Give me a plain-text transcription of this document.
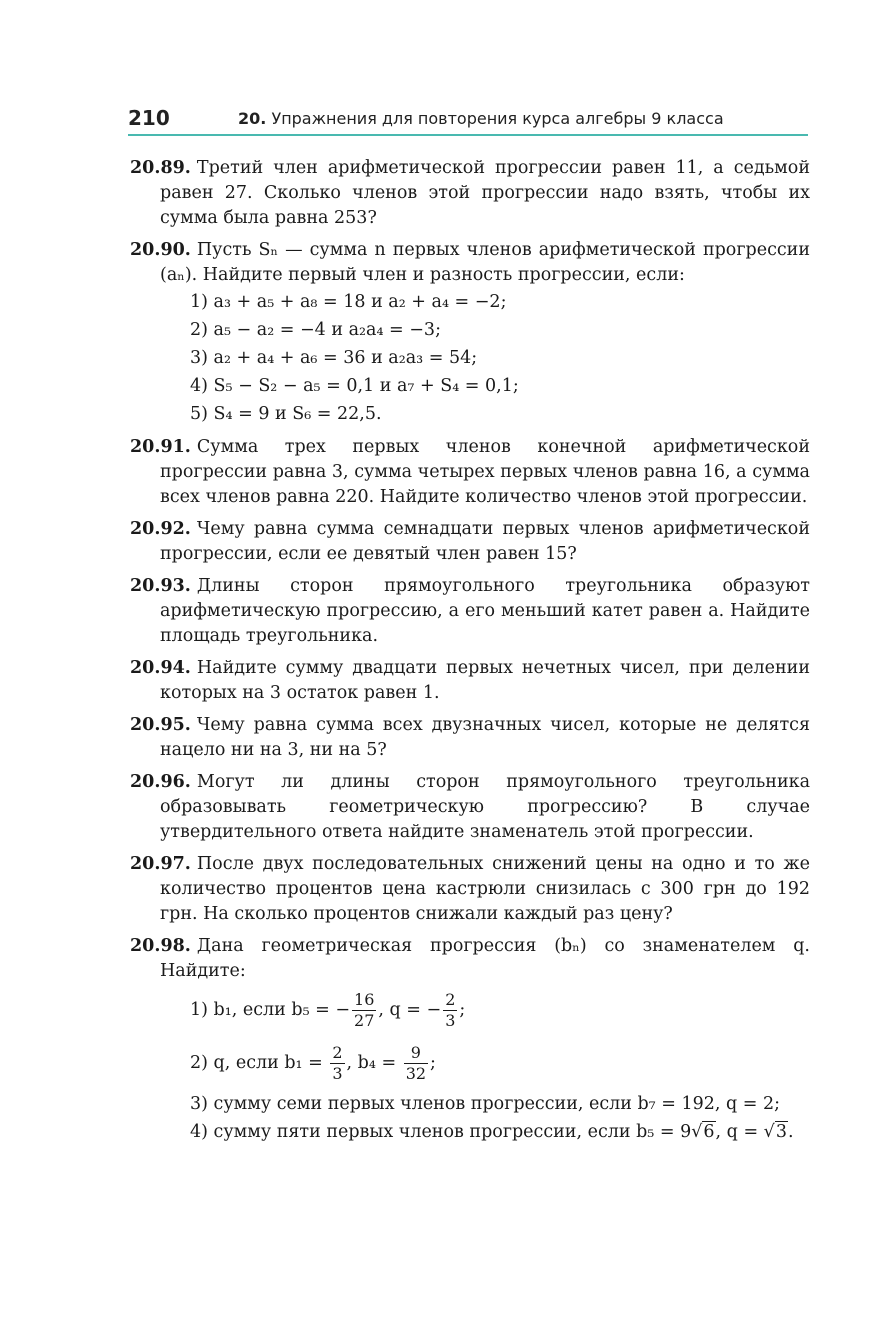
210	20. Упражнения для повторения курса алгебры 9 класса
20.89. Третий член арифметической прогрессии равен 11, а седьмой равен 27. Сколько членов этой прогрессии надо взять, чтобы их сумма была равна 253?
20.90. Пусть Sₙ — сумма n первых членов арифметической прогрессии (aₙ). Найдите первый член и разность прогрессии, если:
1) a₃ + a₅ + a₈ = 18 и a₂ + a₄ = −2;
2) a₅ − a₂ = −4 и a₂a₄ = −3;
3) a₂ + a₄ + a₆ = 36 и a₂a₃ = 54;
4) S₅ − S₂ − a₅ = 0,1 и a₇ + S₄ = 0,1;
5) S₄ = 9 и S₆ = 22,5.
20.91. Сумма трех первых членов конечной арифметической прогрессии равна 3, сумма четырех первых членов равна 16, а сумма всех членов равна 220. Найдите количество членов этой прогрессии.
20.92. Чему равна сумма семнадцати первых членов арифметической прогрессии, если ее девятый член равен 15?
20.93. Длины сторон прямоугольного треугольника образуют арифметическую прогрессию, а его меньший катет равен a. Найдите площадь треугольника.
20.94. Найдите сумму двадцати первых нечетных чисел, при делении которых на 3 остаток равен 1.
20.95. Чему равна сумма всех двузначных чисел, которые не делятся нацело ни на 3, ни на 5?
20.96. Могут ли длины сторон прямоугольного треугольника образовывать геометрическую прогрессию? В случае утвердительного ответа найдите знаменатель этой прогрессии.
20.97. После двух последовательных снижений цены на одно и то же количество процентов цена кастрюли снизилась с 300 грн до 192 грн. На сколько процентов снижали каждый раз цену?
20.98. Дана геометрическая прогрессия (bₙ) со знаменателем q. Найдите:
1) b₁, если b₅ = − $\frac{16}{27}$ , q = − $\frac{2}{3}$ ;
2) q, если $b_1 = \frac{2}{3}$ , $b_4 = \frac{9}{32}$ ;
3) сумму семи первых членов прогрессии, если b₇ = 192, q = 2;
4) сумму пяти первых членов прогрессии, если b₅ = 9√6, q = √3.
